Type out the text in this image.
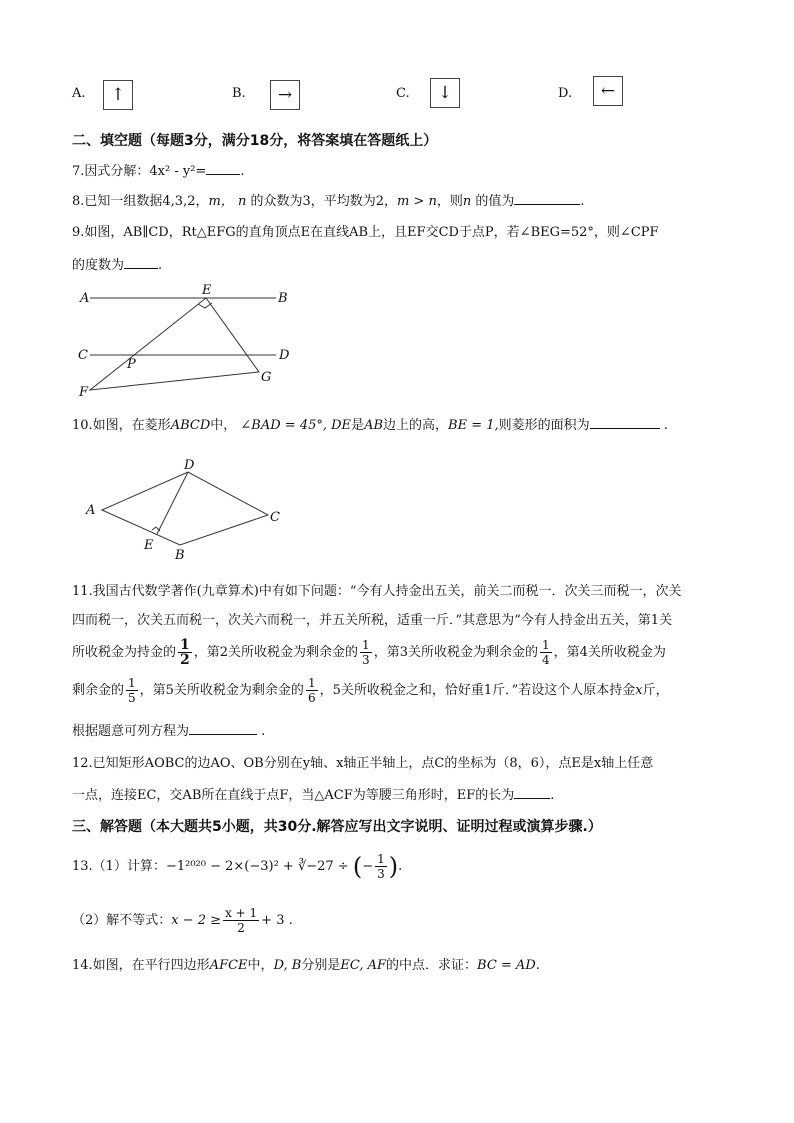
A. ↑	B. →	C. ↓	D. ←
二、填空题（每题3分，满分18分，将答案填在答题纸上）
7.因式分解：4x² - y²=	.
8.已知一组数据4,3,2，m， n 的众数为3，平均数为2，m > n，则n 的值为	.
9.如图，AB∥CD，Rt△EFG的直角顶点E在直线AB上，且EF交CD于点P，若∠BEG=52°，则∠CPF
的度数为	.
A	B
C	D
E
F
G
P
10.如图，在菱形ABCD中， ∠BAD = 45°, DE是AB边上的高，BE = 1,则菱形的面积为	.
A
B
C
D
E
11.我国古代数学著作(九章算术)中有如下问题：“今有人持金出五关，前关二而税一．次关三而税一，次关
四而税一，次关五而税一，次关六而税一，并五关所税，适重一斤．”其意思为“今有人持金出五关，第1关
所收税金为持金的 $\frac{1}{2}$ ，第2关所收税金为剩余金的 $\frac{1}{3}$ ，第3关所收税金为剩余金的 $\frac{1}{4}$ ，第4关所收税金为
剩余金的 $\frac{1}{5}$ ，第5关所收税金为剩余金的 $\frac{1}{6}$ ，5关所收税金之和，恰好重1斤．”若设这个人原本持金x斤，
根据题意可列方程为	.
12.已知矩形AOBC的边AO、OB分别在y轴、x轴正半轴上，点C的坐标为（8，6），点E是x轴上任意
一点，连接EC，交AB所在直线于点F，当△ACF为等腰三角形时，EF的长为	.
三、解答题（本大题共5小题，共30分.解答应写出文字说明、证明过程或演算步骤.）
13.（1）计算：−1²⁰²⁰ − 2×(−3)² + ∛−27 ÷ (− $\frac{1}{3}$ ).
（2）解不等式：$x - 2 \ge \frac{x + 1}{2} + 3$ .
14.如图，在平行四边形AFCE中，D, B分别是EC, AF的中点．求证：BC = AD.
